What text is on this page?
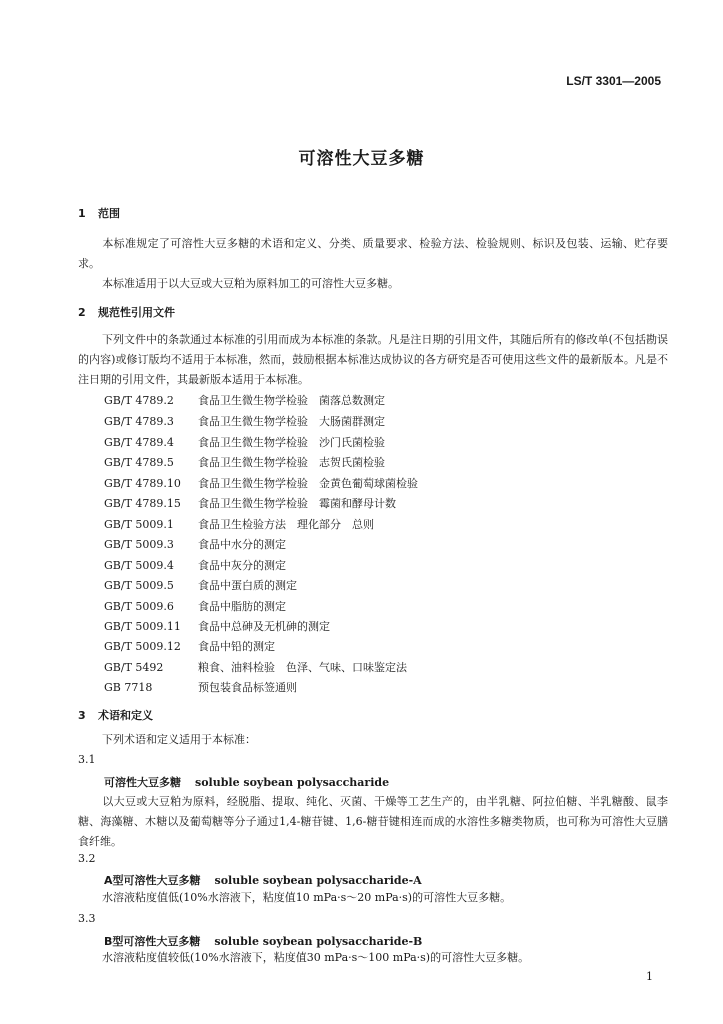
LS/T 3301—2005
可溶性大豆多糖
1 范围
本标准规定了可溶性大豆多糖的术语和定义、分类、质量要求、检验方法、检验规则、标识及包装、运输、贮存要求。
本标准适用于以大豆或大豆粕为原料加工的可溶性大豆多糖。
2 规范性引用文件
下列文件中的条款通过本标准的引用而成为本标准的条款。凡是注日期的引用文件，其随后所有的修改单(不包括勘误的内容)或修订版均不适用于本标准，然而，鼓励根据本标准达成协议的各方研究是否可使用这些文件的最新版本。凡是不注日期的引用文件，其最新版本适用于本标准。
GB/T 4789.2 食品卫生微生物学检验　菌落总数测定
GB/T 4789.3 食品卫生微生物学检验　大肠菌群测定
GB/T 4789.4 食品卫生微生物学检验　沙门氏菌检验
GB/T 4789.5 食品卫生微生物学检验　志贺氏菌检验
GB/T 4789.10 食品卫生微生物学检验　金黄色葡萄球菌检验
GB/T 4789.15 食品卫生微生物学检验　霉菌和酵母计数
GB/T 5009.1 食品卫生检验方法　理化部分　总则
GB/T 5009.3 食品中水分的测定
GB/T 5009.4 食品中灰分的测定
GB/T 5009.5 食品中蛋白质的测定
GB/T 5009.6 食品中脂肪的测定
GB/T 5009.11 食品中总砷及无机砷的测定
GB/T 5009.12 食品中铅的测定
GB/T 5492	粮食、油料检验　色泽、气味、口味鉴定法
GB 7718	预包装食品标签通则
3 术语和定义
下列术语和定义适用于本标准：
3.1
可溶性大豆多糖 soluble soybean polysaccharide
以大豆或大豆粕为原料，经脱脂、提取、纯化、灭菌、干燥等工艺生产的，由半乳糖、阿拉伯糖、半乳糖酸、鼠李糖、海藻糖、木糖以及葡萄糖等分子通过1,4-糖苷键、1,6-糖苷键相连而成的水溶性多糖类物质，也可称为可溶性大豆膳食纤维。
3.2
A型可溶性大豆多糖 soluble soybean polysaccharide-A
水溶液粘度值低(10%水溶液下，粘度值10 mPa·s～20 mPa·s)的可溶性大豆多糖。
3.3
B型可溶性大豆多糖 soluble soybean polysaccharide-B
水溶液粘度值较低(10%水溶液下，粘度值30 mPa·s～100 mPa·s)的可溶性大豆多糖。
1
